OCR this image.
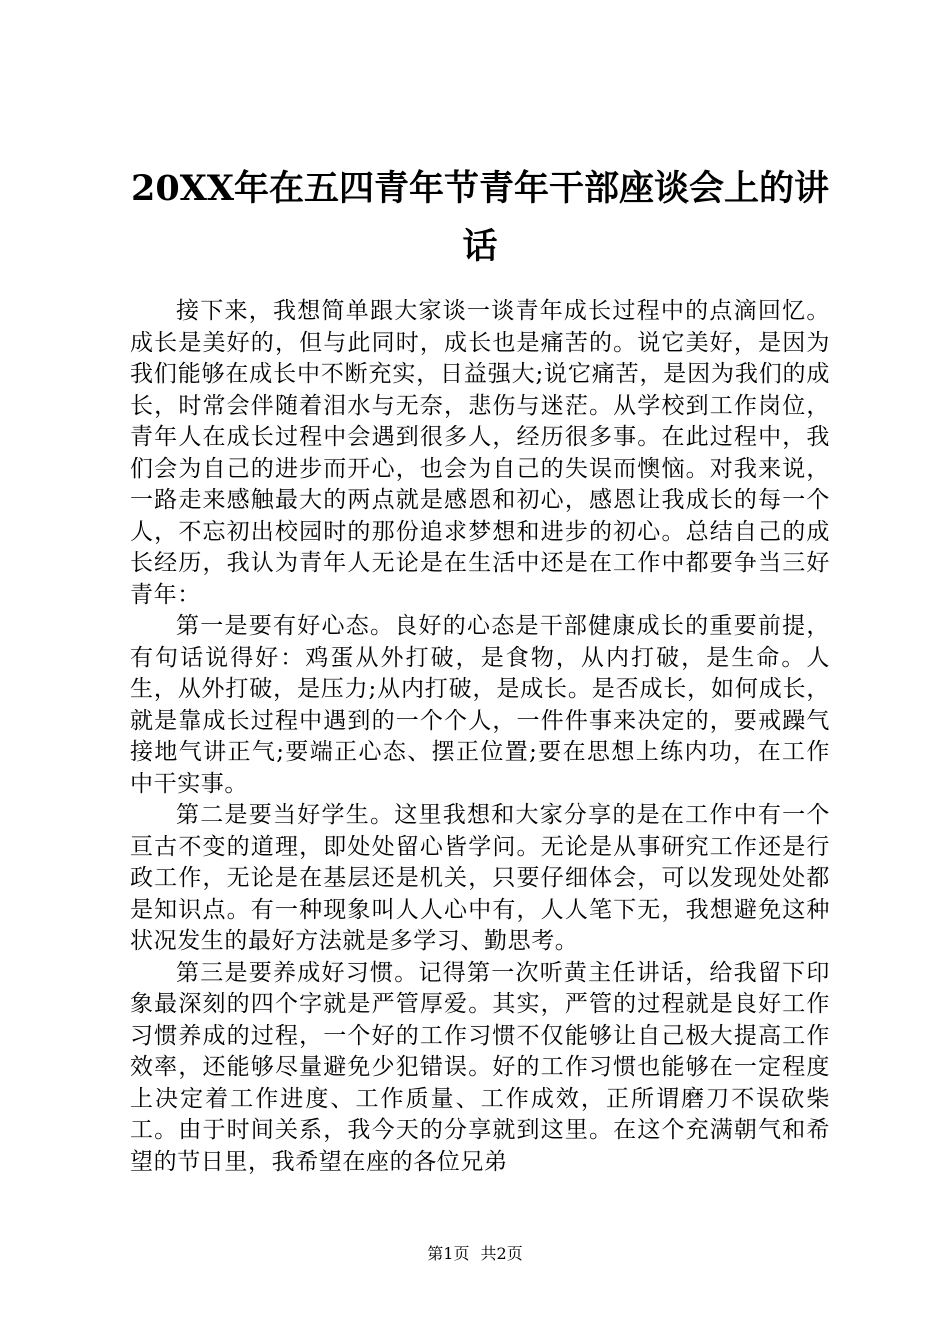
20XX年在五四青年节青年干部座谈会上的讲话

接下来，我想简单跟大家谈一谈青年成长过程中的点滴回忆。成长是美好的，但与此同时，成长也是痛苦的。说它美好，是因为我们能够在成长中不断充实，日益强大;说它痛苦，是因为我们的成长，时常会伴随着泪水与无奈，悲伤与迷茫。从学校到工作岗位，青年人在成长过程中会遇到很多人，经历很多事。在此过程中，我们会为自己的进步而开心，也会为自己的失误而懊恼。对我来说，一路走来感触最大的两点就是感恩和初心，感恩让我成长的每一个人，不忘初出校园时的那份追求梦想和进步的初心。总结自己的成长经历，我认为青年人无论是在生活中还是在工作中都要争当三好青年：

第一是要有好心态。良好的心态是干部健康成长的重要前提，有句话说得好：鸡蛋从外打破，是食物，从内打破，是生命。人生，从外打破，是压力;从内打破，是成长。是否成长，如何成长，就是靠成长过程中遇到的一个个人，一件件事来决定的，要戒躁气接地气讲正气;要端正心态、摆正位置;要在思想上练内功，在工作中干实事。

第二是要当好学生。这里我想和大家分享的是在工作中有一个亘古不变的道理，即处处留心皆学问。无论是从事研究工作还是行政工作，无论是在基层还是机关，只要仔细体会，可以发现处处都是知识点。有一种现象叫人人心中有，人人笔下无，我想避免这种状况发生的最好方法就是多学习、勤思考。

第三是要养成好习惯。记得第一次听黄主任讲话，给我留下印象最深刻的四个字就是严管厚爱。其实，严管的过程就是良好工作习惯养成的过程，一个好的工作习惯不仅能够让自己极大提高工作效率，还能够尽量避免少犯错误。好的工作习惯也能够在一定程度上决定着工作进度、工作质量、工作成效，正所谓磨刀不误砍柴工。由于时间关系，我今天的分享就到这里。在这个充满朝气和希望的节日里，我希望在座的各位兄弟

第1页 共2页
